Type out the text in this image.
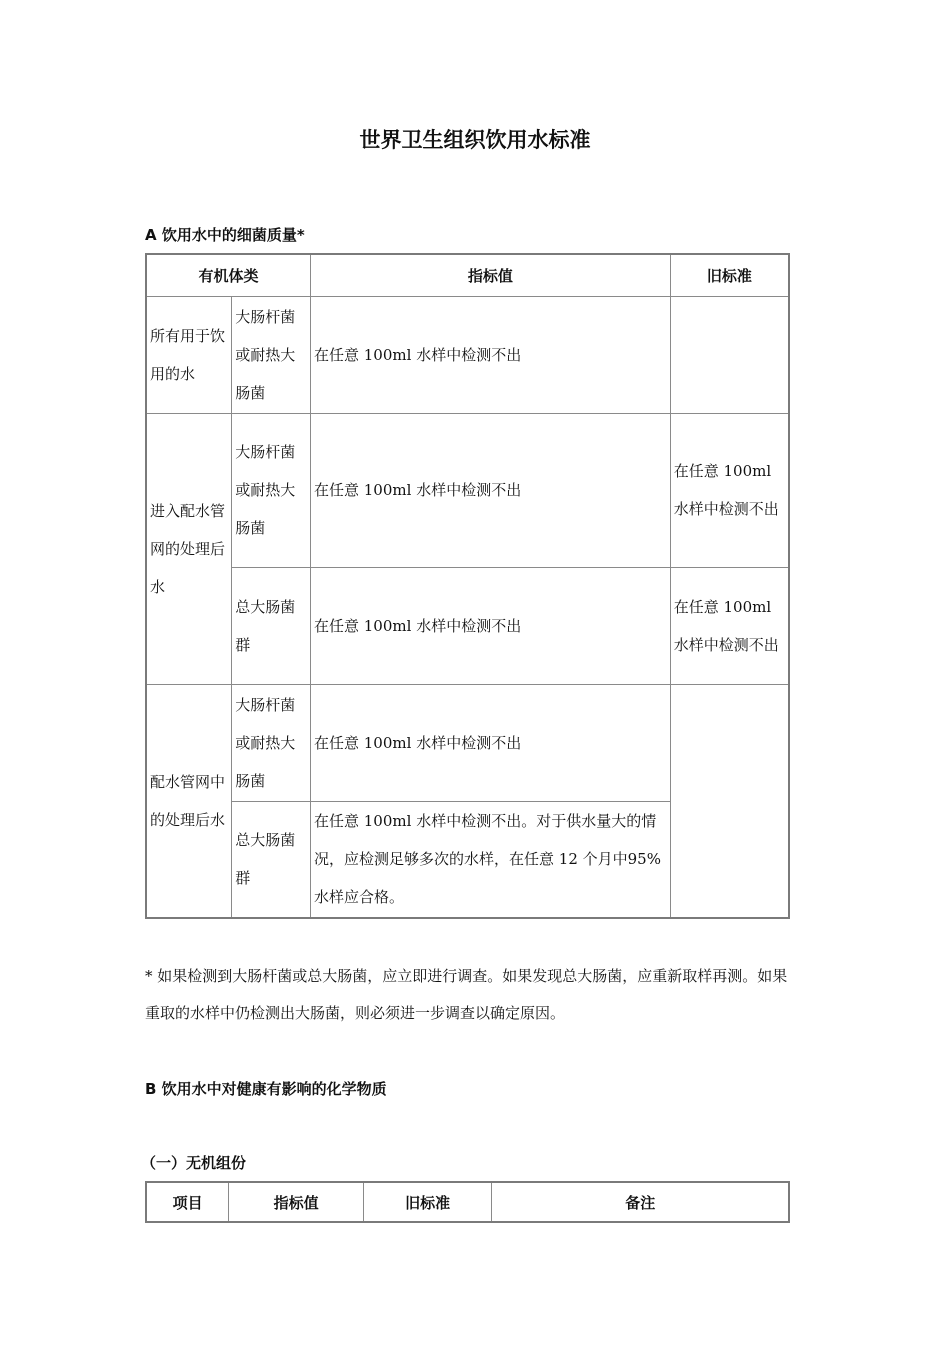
世界卫生组织饮用水标准
A 饮用水中的细菌质量*
有机体类		指标值	旧标准
所有用于饮用的水	大肠杆菌或耐热大肠菌	在任意 100ml 水样中检测不出	
进入配水管网的处理后水	大肠杆菌或耐热大肠菌	在任意 100ml 水样中检测不出	在任意 100ml 水样中检测不出
	总大肠菌群	在任意 100ml 水样中检测不出	在任意 100ml 水样中检测不出
配水管网中的处理后水	大肠杆菌或耐热大肠菌	在任意 100ml 水样中检测不出	
	总大肠菌群	在任意 100ml 水样中检测不出。对于供水量大的情况，应检测足够多次的水样，在任意 12 个月中95%水样应合格。	
* 如果检测到大肠杆菌或总大肠菌，应立即进行调查。如果发现总大肠菌，应重新取样再测。如果重取的水样中仍检测出大肠菌，则必须进一步调查以确定原因。
B 饮用水中对健康有影响的化学物质
（一）无机组份
项目	指标值	旧标准	备注
